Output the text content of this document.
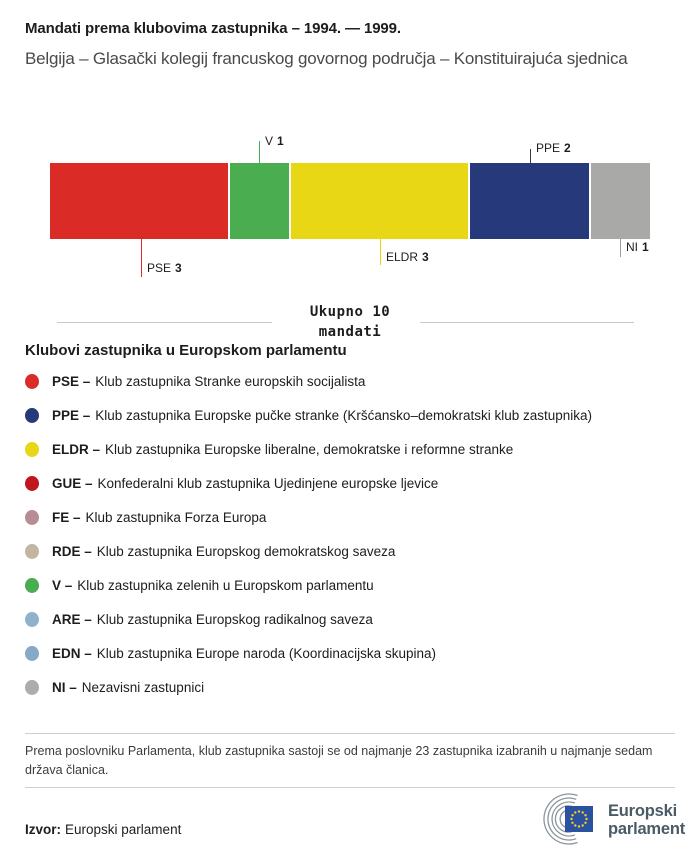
Mandati prema klubovima zastupnika – 1994. — 1999.
Belgija – Glasački kolegij francuskog govornog područja – Konstituirajuća sjednica
V 1	PPE 2
PSE 3
ELDR 3
NI 1
Ukupno 10
mandati
Klubovi zastupnika u Europskom parlamentu
PSE – Klub zastupnika Stranke europskih socijalista
PPE – Klub zastupnika Europske pučke stranke (Kršćansko–demokratski klub zastupnika)
ELDR – Klub zastupnika Europske liberalne, demokratske i reformne stranke
GUE – Konfederalni klub zastupnika Ujedinjene europske ljevice
FE – Klub zastupnika Forza Europa
RDE – Klub zastupnika Europskog demokratskog saveza
V – Klub zastupnika zelenih u Europskom parlamentu
ARE – Klub zastupnika Europskog radikalnog saveza
EDN – Klub zastupnika Europe naroda (Koordinacijska skupina)
NI – Nezavisni zastupnici
Prema poslovniku Parlamenta, klub zastupnika sastoji se od najmanje 23 zastupnika izabranih u najmanje sedam država članica.
Izvor: Europski parlament
Europski
parlament
